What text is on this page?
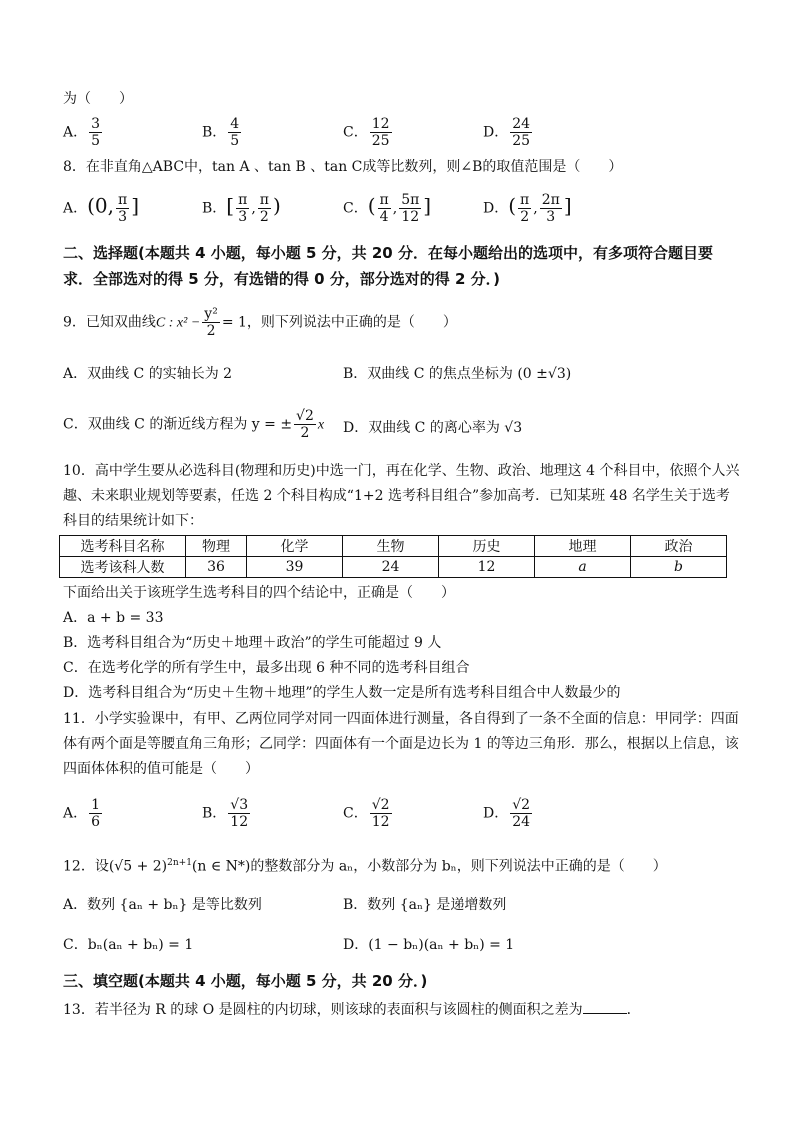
为（　　）
A． $\frac{3}{5}$	B． $\frac{4}{5}$	C． $\frac{12}{25}$	D． $\frac{24}{25}$
8．在非直角△ABC中，tan A 、tan B 、tan C成等比数列，则∠B的取值范围是（　　）
A．(0, $\frac{\pi}{3}$ ]	B．[ $\frac{\pi}{3}$ , $\frac{\pi}{2}$ )	C．( $\frac{\pi}{4}$ , $\frac{5\pi}{12}$ ]	D．( $\frac{\pi}{2}$ , $\frac{2\pi}{3}$ ]
二、选择题(本题共 4 小题，每小题 5 分，共 20 分．在每小题给出的选项中，有多项符合题目要
求．全部选对的得 5 分，有选错的得 0 分，部分选对的得 2 分．)
9．已知双曲线C : $x^2 - \frac{\text{y²}}{2} = 1$，则下列说法中正确的是（　　）
A．双曲线 C 的实轴长为 2	B．双曲线 C 的焦点坐标为 (0 ±√3)
C．双曲线 C 的渐近线方程为 y = ± $\frac{√2}{2}$ x D．双曲线 C 的离心率为 √3
10．高中学生要从必选科目(物理和历史)中选一门，再在化学、生物、政治、地理这 4 个科目中，依照个人兴
趣、未来职业规划等要素，任选 2 个科目构成“1+2 选考科目组合”参加高考．已知某班 48 名学生关于选考
科目的结果统计如下：
选考科目名称	物理	化学	生物	历史	地理	政治
选考该科人数	36	39	24	12	a	b
下面给出关于该班学生选考科目的四个结论中，正确是（　　）
A．a + b = 33
B．选考科目组合为“历史＋地理＋政治”的学生可能超过 9 人
C．在选考化学的所有学生中，最多出现 6 种不同的选考科目组合
D．选考科目组合为“历史＋生物＋地理”的学生人数一定是所有选考科目组合中人数最少的
11．小学实验课中，有甲、乙两位同学对同一四面体进行测量，各自得到了一条不全面的信息：甲同学：四面
体有两个面是等腰直角三角形；乙同学：四面体有一个面是边长为 1 的等边三角形．那么，根据以上信息，该
四面体体积的值可能是（　　）
A． $\frac{1}{6}$	B． $\frac{√3}{12}$	C． $\frac{√2}{12}$	D． $\frac{√2}{24}$
12．设$(√5 + 2)^{2n+1}(n$ ∈ N*)的整数部分为 aₙ，小数部分为 bₙ，则下列说法中正确的是（　　）
A．数列 {aₙ + bₙ} 是等比数列	B．数列 {aₙ} 是递增数列
C．bₙ(aₙ + bₙ) = 1	D．(1 − bₙ)(aₙ + bₙ) = 1
三、填空题(本题共 4 小题，每小题 5 分，共 20 分．)
13．若半径为 R 的球 O 是圆柱的内切球，则该球的表面积与该圆柱的侧面积之差为	．
